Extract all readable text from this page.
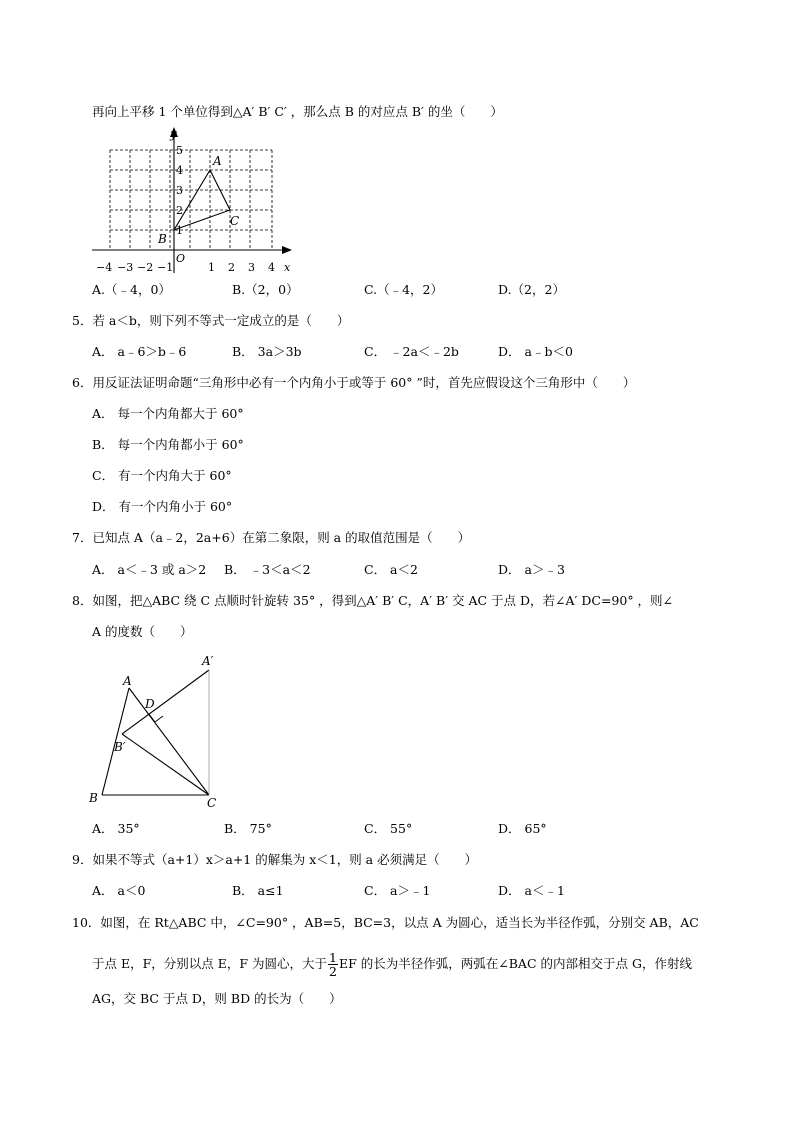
再向上平移 1 个单位得到△A′ B′ C′ ，那么点 B 的对应点 B′ 的坐（　　）
y
5
4
3
2
1
−4 −3 −2 −1	1 2 3 4 x
O
A
C
B
A.（﹣4，0）	B.（2，0）	C.（﹣4，2）	D.（2，2）
5．若 a＜b，则下列不等式一定成立的是（　　）
A． a﹣6＞b﹣6	B． 3a＞3b	C． ﹣2a＜﹣2b	D． a﹣b＜0
6．用反证法证明命题“三角形中必有一个内角小于或等于 60° ”时，首先应假设这个三角形中（　　）
A． 每一个内角都大于 60°
B． 每一个内角都小于 60°
C． 有一个内角大于 60°
D． 有一个内角小于 60°
7．已知点 A（a﹣2，2a+6）在第二象限，则 a 的取值范围是（　　）
A． a＜﹣3 或 a＞2 B． ﹣3＜a＜2	C． a＜2	D． a＞﹣3
8．如图，把△ABC 绕 C 点顺时针旋转 35° ，得到△A′ B′ C，A′ B′ 交 AC 于点 D，若∠A′ DC=90° ，则∠
A 的度数（　　）
A′
A
D
B′
B	C
A． 35°	B． 75°	C． 55°	D． 65°
9．如果不等式（a+1）x＞a+1 的解集为 x＜1，则 a 必须满足（　　）
A． a＜0	B． a≤1	C． a＞﹣1	D． a＜﹣1
10．如图，在 Rt△ABC 中，∠C=90° ，AB=5，BC=3，以点 A 为圆心，适当长为半径作弧，分别交 AB，AC
于点 E，F，分别以点 E，F 为圆心，大于 $\frac{1}{2}$ EF 的长为半径作弧，两弧在∠BAC 的内部相交于点 G，作射线
AG，交 BC 于点 D，则 BD 的长为（　　）
